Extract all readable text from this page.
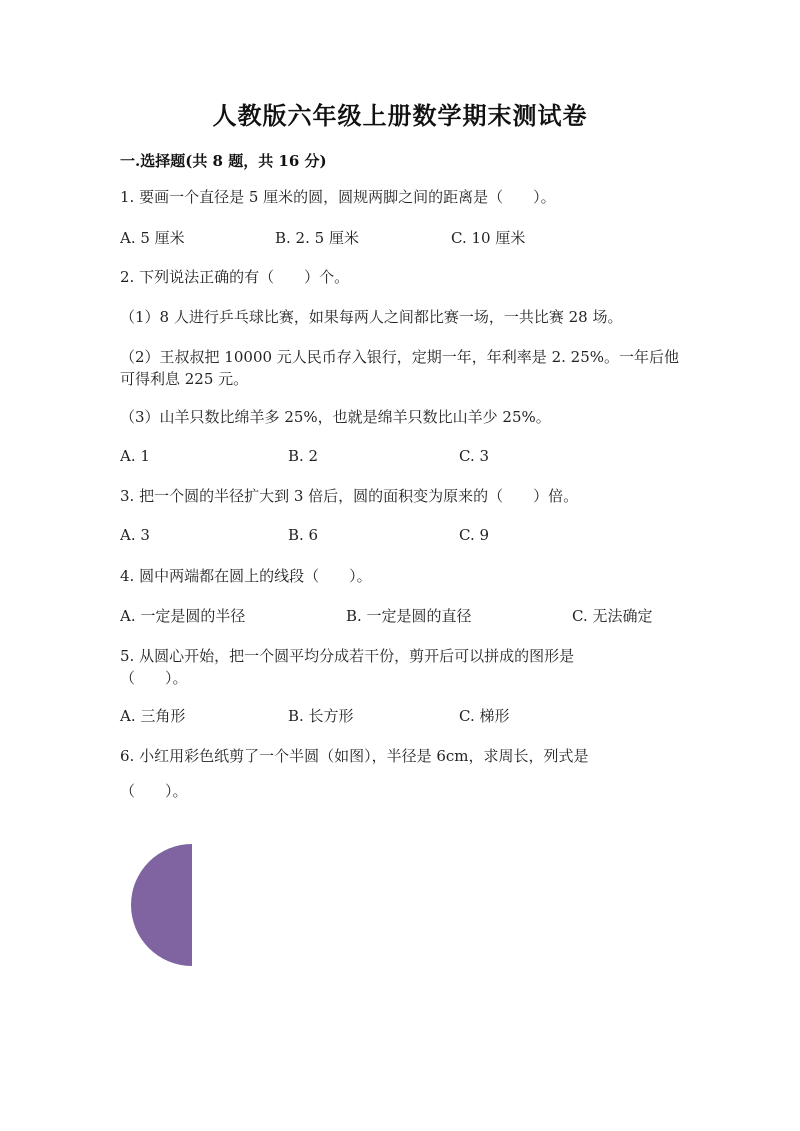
人教版六年级上册数学期末测试卷
一.选择题(共 8 题，共 16 分)
1. 要画一个直径是 5 厘米的圆，圆规两脚之间的距离是（　　）。
A. 5 厘米	B. 2. 5 厘米	C. 10 厘米
2. 下列说法正确的有（　　）个。
（1）8 人进行乒乓球比赛，如果每两人之间都比赛一场，一共比赛 28 场。
（2）王叔叔把 10000 元人民币存入银行，定期一年，年利率是 2. 25%。一年后他可得利息 225 元。
（3）山羊只数比绵羊多 25%，也就是绵羊只数比山羊少 25%。
A. 1	B. 2	C. 3
3. 把一个圆的半径扩大到 3 倍后，圆的面积变为原来的（　　）倍。
A. 3	B. 6	C. 9
4. 圆中两端都在圆上的线段（　　）。
A. 一定是圆的半径	B. 一定是圆的直径	C. 无法确定
5. 从圆心开始，把一个圆平均分成若干份，剪开后可以拼成的图形是（　　）。
A. 三角形	B. 长方形	C. 梯形
6. 小红用彩色纸剪了一个半圆（如图），半径是 6cm，求周长，列式是
（　　）。
